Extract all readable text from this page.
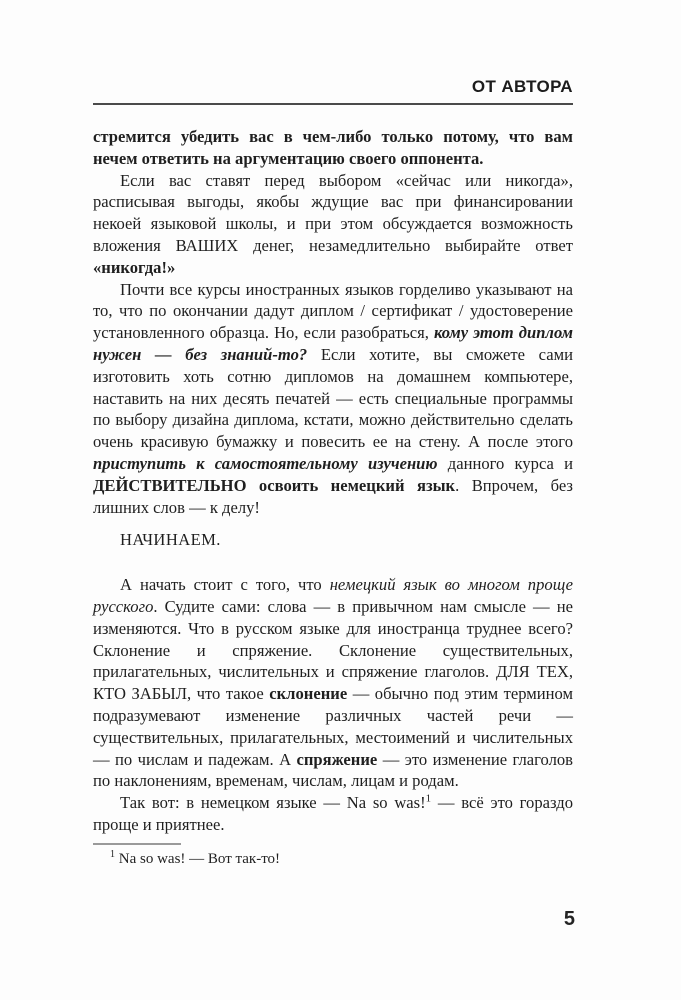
ОТ АВТОРА

стремится убедить вас в чем-либо только потому, что вам нечем ответить на аргументацию своего оппонента.

Если вас ставят перед выбором «сейчас или никогда», расписывая выгоды, якобы ждущие вас при финансировании некоей языковой школы, и при этом обсуждается возможность вложения ВАШИХ денег, незамедлительно выбирайте ответ «никогда!»

Почти все курсы иностранных языков горделиво указывают на то, что по окончании дадут диплом / сертификат / удостоверение установленного образца. Но, если разобраться, кому этот диплом нужен — без знаний-то? Если хотите, вы сможете сами изготовить хоть сотню дипломов на домашнем компьютере, наставить на них десять печатей — есть специальные программы по выбору дизайна диплома, кстати, можно действительно сделать очень красивую бумажку и повесить ее на стену. А после этого приступить к самостоятельному изучению данного курса и ДЕЙСТВИТЕЛЬНО освоить немецкий язык. Впрочем, без лишних слов — к делу!

НАЧИНАЕМ.

А начать стоит с того, что немецкий язык во многом проще русского. Судите сами: слова — в привычном нам смысле — не изменяются. Что в русском языке для иностранца труднее всего? Склонение и спряжение. Склонение существительных, прилагательных, числительных и спряжение глаголов. ДЛЯ ТЕХ, КТО ЗАБЫЛ, что такое склонение — обычно под этим термином подразумевают изменение различных частей речи — существительных, прилагательных, местоимений и числительных — по числам и падежам. А спряжение — это изменение глаголов по наклонениям, временам, числам, лицам и родам.

Так вот: в немецком языке — Na so was!$^1$ — всё это гораздо проще и приятнее.

$^1$ Na so was! — Вот так-то!
5
